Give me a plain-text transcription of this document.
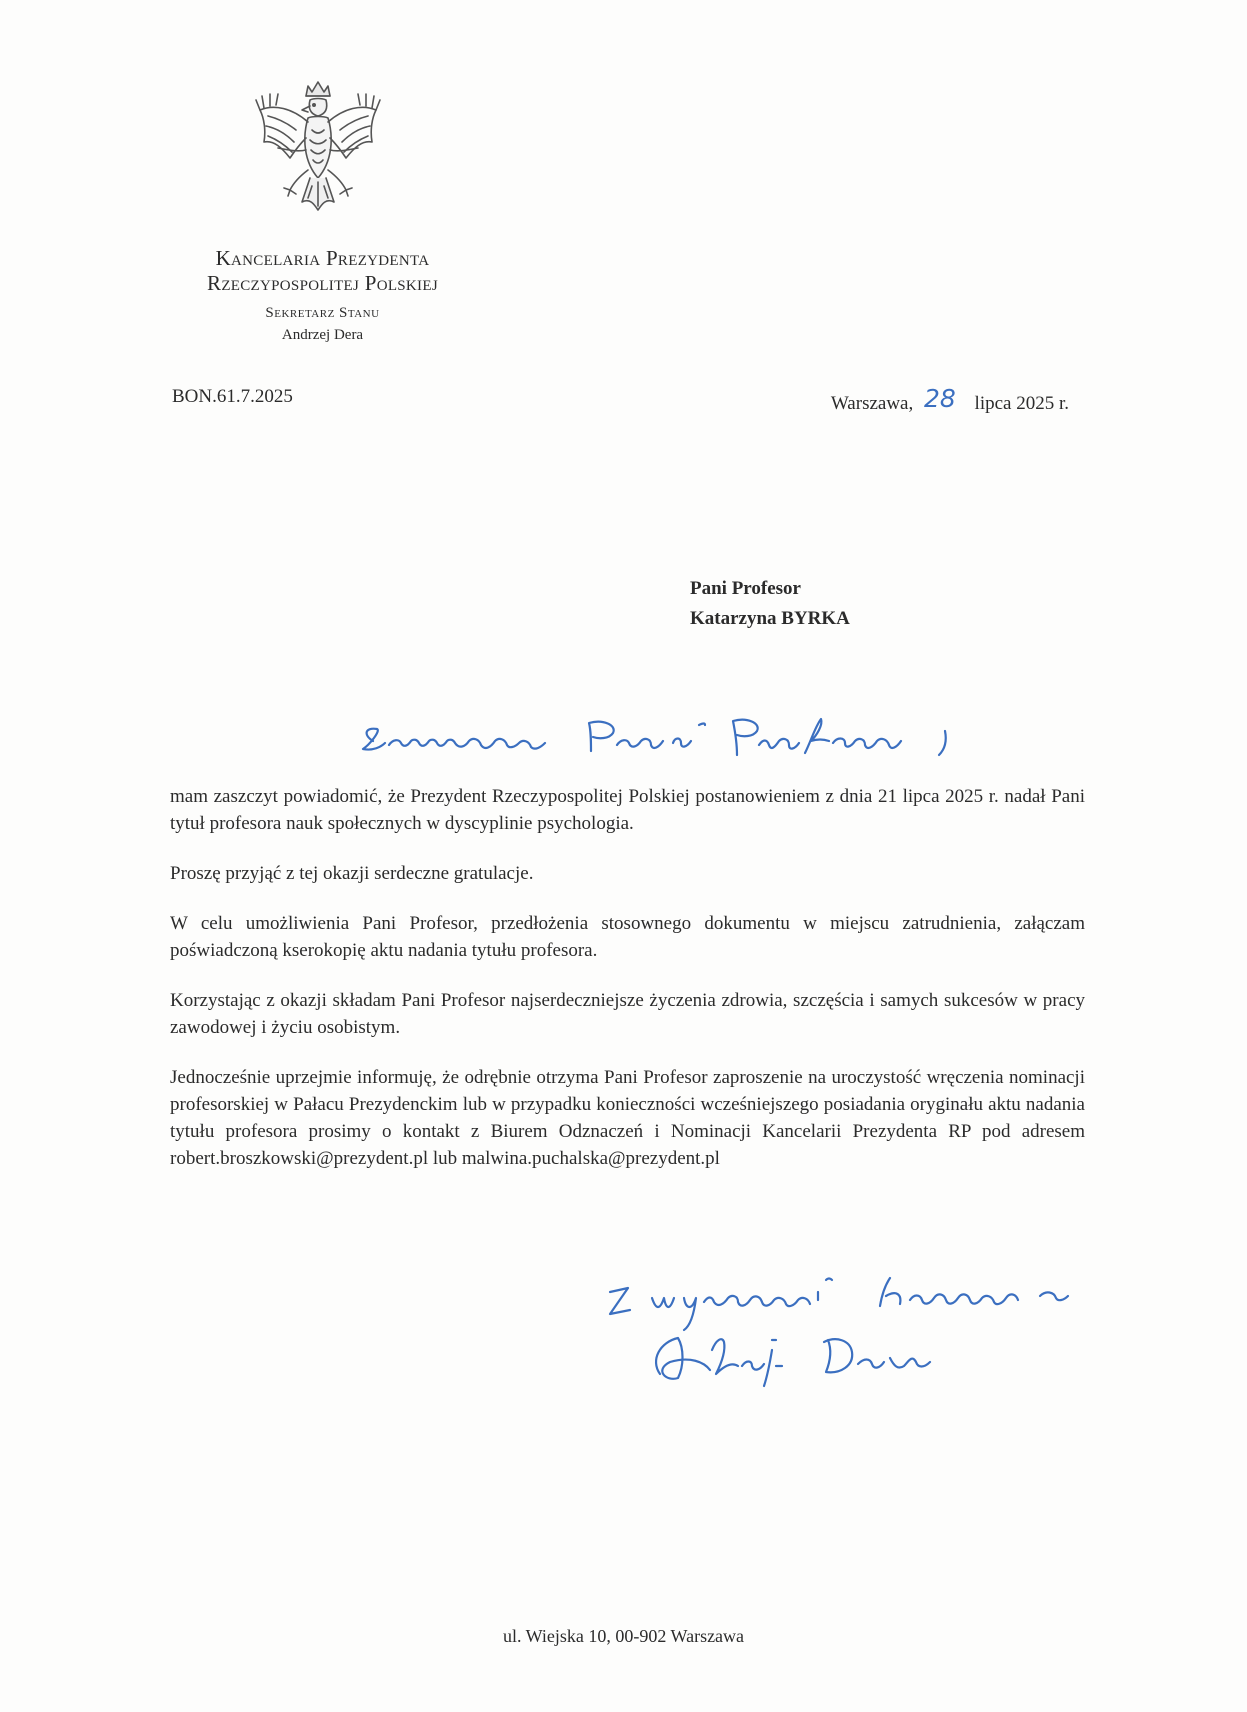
Kancelaria Prezydenta
Rzeczypospolitej Polskiej
Sekretarz Stanu
Andrzej Dera
BON.61.7.2025	Warszawa, 28 lipca 2025 r.
Pani Profesor
Katarzyna BYRKA

mam zaszczyt powiadomić, że Prezydent Rzeczypospolitej Polskiej postanowieniem z dnia 21 lipca 2025 r. nadał Pani tytuł profesora nauk społecznych w dyscyplinie psychologia.

Proszę przyjąć z tej okazji serdeczne gratulacje.

W celu umożliwienia Pani Profesor, przedłożenia stosownego dokumentu w miejscu zatrudnienia, załączam poświadczoną kserokopię aktu nadania tytułu profesora.

Korzystając z okazji składam Pani Profesor najserdeczniejsze życzenia zdrowia, szczęścia i samych sukcesów w pracy zawodowej i życiu osobistym.

Jednocześnie uprzejmie informuję, że odrębnie otrzyma Pani Profesor zaproszenie na uroczystość wręczenia nominacji profesorskiej w Pałacu Prezydenckim lub w przypadku konieczności wcześniejszego posiadania oryginału aktu nadania tytułu profesora prosimy o kontakt z Biurem Odznaczeń i Nominacji Kancelarii Prezydenta RP pod adresem robert.broszkowski@prezydent.pl lub malwina.puchalska@prezydent.pl

ul. Wiejska 10, 00-902 Warszawa
